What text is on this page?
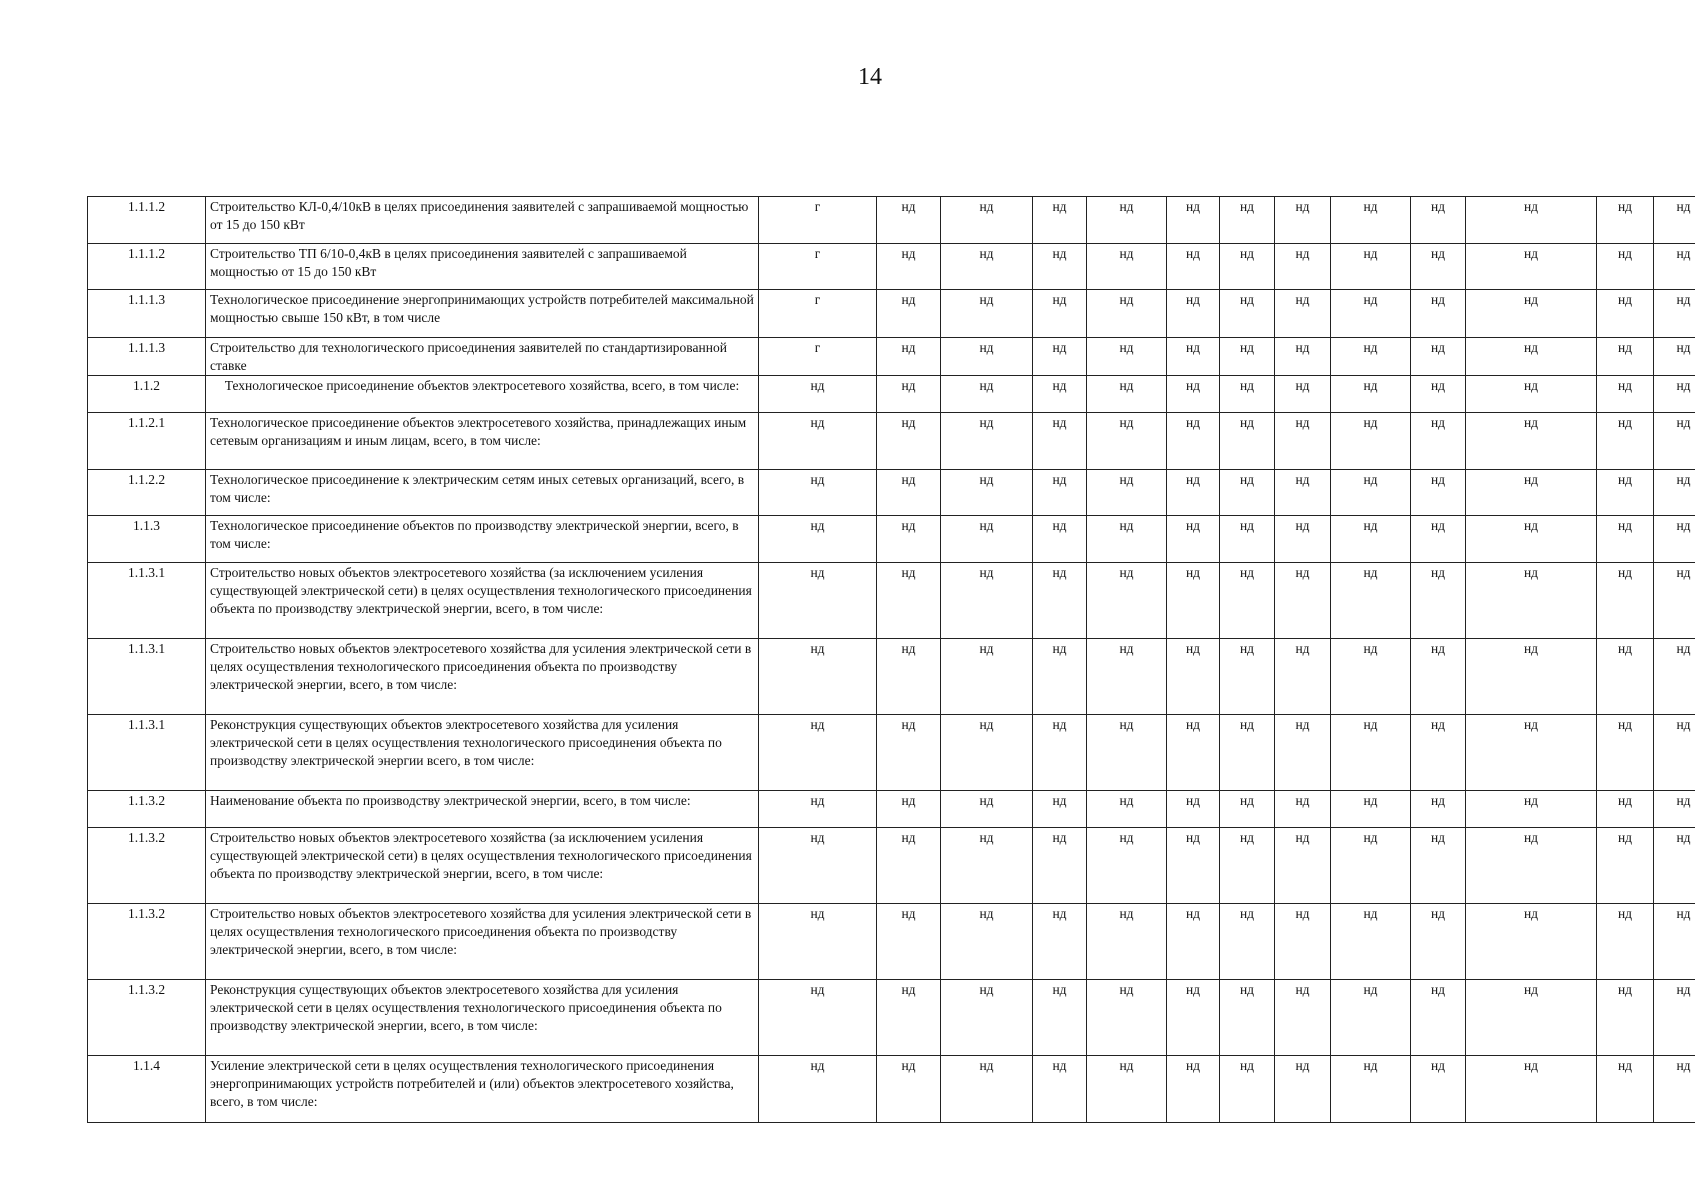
14
1.1.1.2	Строительство КЛ-0,4/10кВ в целях присоединения заявителей с запрашиваемой мощностью от 15 до 150 кВт	г	нд	нд	нд	нд	нд	нд	нд	нд	нд	нд	нд	нд
1.1.1.2	Строительство ТП 6/10-0,4кВ в целях присоединения заявителей с запрашиваемой мощностью от 15 до 150 кВт	г	нд	нд	нд	нд	нд	нд	нд	нд	нд	нд	нд	нд
1.1.1.3	Технологическое присоединение энергопринимающих устройств потребителей максимальной мощностью свыше 150 кВт, в том числе	г	нд	нд	нд	нд	нд	нд	нд	нд	нд	нд	нд	нд
1.1.1.3	Строительство для технологического присоединения заявителей по стандартизированной ставке	г	нд	нд	нд	нд	нд	нд	нд	нд	нд	нд	нд	нд
1.1.2	Технологическое присоединение объектов электросетевого хозяйства, всего, в том числе:	нд	нд	нд	нд	нд	нд	нд	нд	нд	нд	нд	нд	нд
1.1.2.1	Технологическое присоединение объектов электросетевого хозяйства, принадлежащих иным сетевым организациям и иным лицам, всего, в том числе:	нд	нд	нд	нд	нд	нд	нд	нд	нд	нд	нд	нд	нд
1.1.2.2	Технологическое присоединение к электрическим сетям иных сетевых организаций, всего, в том числе:	нд	нд	нд	нд	нд	нд	нд	нд	нд	нд	нд	нд	нд
1.1.3	Технологическое присоединение объектов по производству электрической энергии, всего, в том числе:	нд	нд	нд	нд	нд	нд	нд	нд	нд	нд	нд	нд	нд
1.1.3.1	Строительство новых объектов электросетевого хозяйства (за исключением усиления существующей электрической сети) в целях осуществления технологического присоединения объекта по производству электрической энергии, всего, в том числе:	нд	нд	нд	нд	нд	нд	нд	нд	нд	нд	нд	нд	нд
1.1.3.1	Строительство новых объектов электросетевого хозяйства для усиления электрической сети в целях осуществления технологического присоединения объекта по производству электрической энергии, всего, в том числе:	нд	нд	нд	нд	нд	нд	нд	нд	нд	нд	нд	нд	нд
1.1.3.1	Реконструкция существующих объектов электросетевого хозяйства для усиления электрической сети в целях осуществления технологического присоединения объекта по производству электрической энергии всего, в том числе:	нд	нд	нд	нд	нд	нд	нд	нд	нд	нд	нд	нд	нд
1.1.3.2	Наименование объекта по производству электрической энергии, всего, в том числе:	нд	нд	нд	нд	нд	нд	нд	нд	нд	нд	нд	нд	нд
1.1.3.2	Строительство новых объектов электросетевого хозяйства (за исключением усиления существующей электрической сети) в целях осуществления технологического присоединения объекта по производству электрической энергии, всего, в том числе:	нд	нд	нд	нд	нд	нд	нд	нд	нд	нд	нд	нд	нд
1.1.3.2	Строительство новых объектов электросетевого хозяйства для усиления электрической сети в целях осуществления технологического присоединения объекта по производству электрической энергии, всего, в том числе:	нд	нд	нд	нд	нд	нд	нд	нд	нд	нд	нд	нд	нд
1.1.3.2	Реконструкция существующих объектов электросетевого хозяйства для усиления электрической сети в целях осуществления технологического присоединения объекта по производству электрической энергии, всего, в том числе:	нд	нд	нд	нд	нд	нд	нд	нд	нд	нд	нд	нд	нд
1.1.4	Усиление электрической сети в целях осуществления технологического присоединения энергопринимающих устройств потребителей и (или) объектов электросетевого хозяйства, всего, в том числе:	нд	нд	нд	нд	нд	нд	нд	нд	нд	нд	нд	нд	нд
